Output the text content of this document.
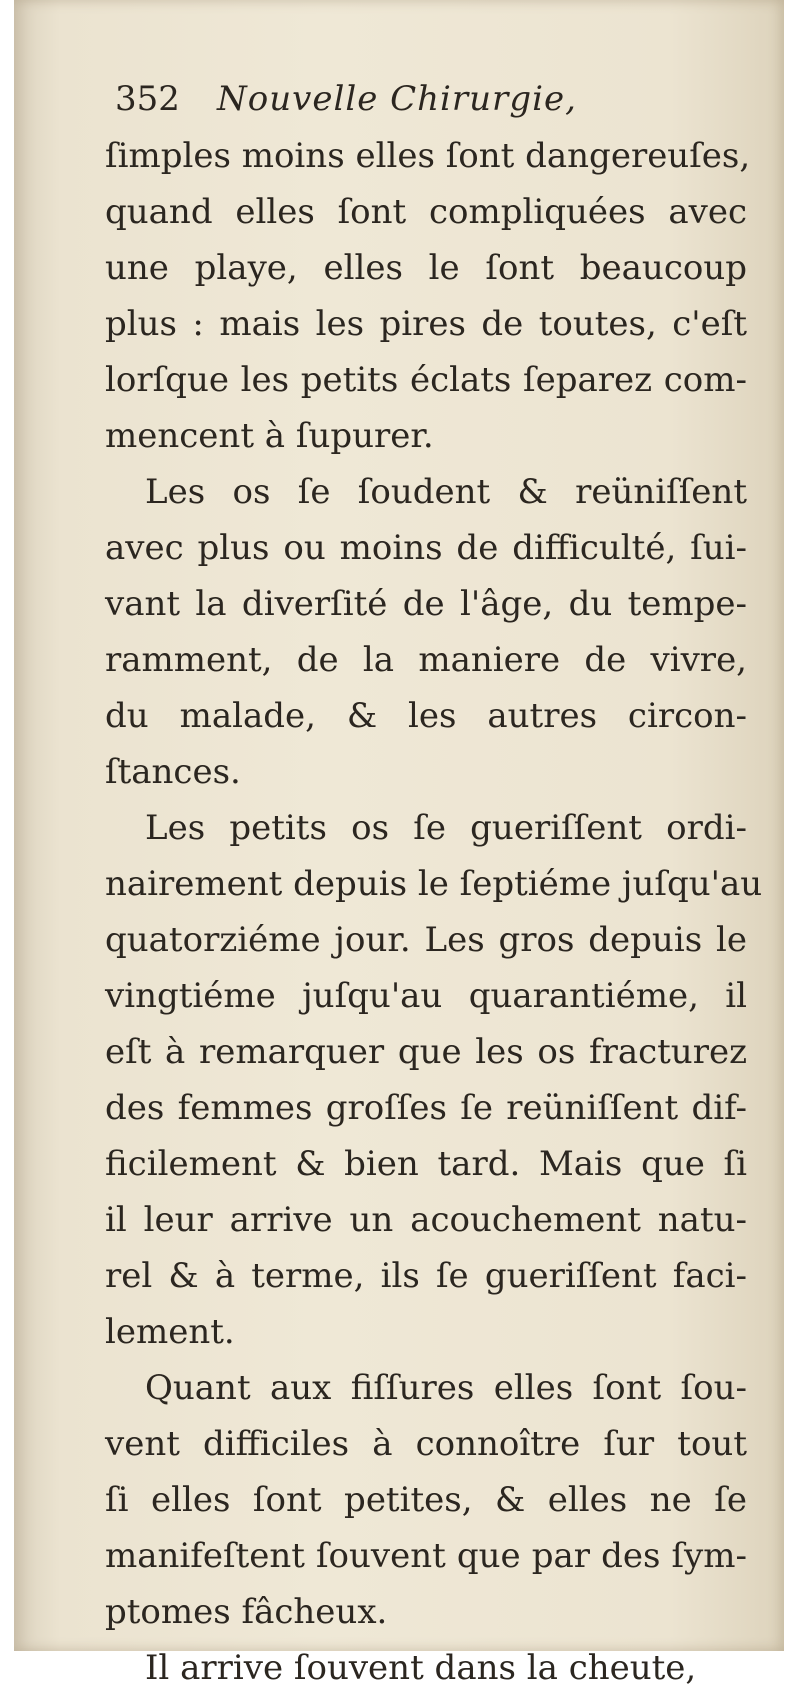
352 Nouvelle Chirurgie,
ſimples moins elles ſont dangereuſes,
quand elles ſont compliquées avec
une playe, elles le ſont beaucoup
plus : mais les pires de toutes, c'eſt
lorſque les petits éclats ſeparez com-
mencent à ſupurer.
Les os ſe ſoudent & reüniſſent
avec plus ou moins de difficulté, ſui-
vant la diverſité de l'âge, du tempe-
ramment, de la maniere de vivre,
du malade, & les autres circon-
ſtances.
Les petits os ſe gueriſſent ordi-
nairement depuis le ſeptiéme juſqu'au
quatorziéme jour. Les gros depuis le
vingtiéme juſqu'au quarantiéme, il
eſt à remarquer que les os fracturez
des femmes groſſes ſe reüniſſent dif-
ficilement & bien tard. Mais que ſi
il leur arrive un acouchement natu-
rel & à terme, ils ſe gueriſſent faci-
lement.
Quant aux fiſſures elles ſont ſou-
vent difficiles à connoître ſur tout
ſi elles ſont petites, & elles ne ſe
manifeſtent ſouvent que par des ſym-
ptomes fâcheux.
Il arrive ſouvent dans la cheute,
